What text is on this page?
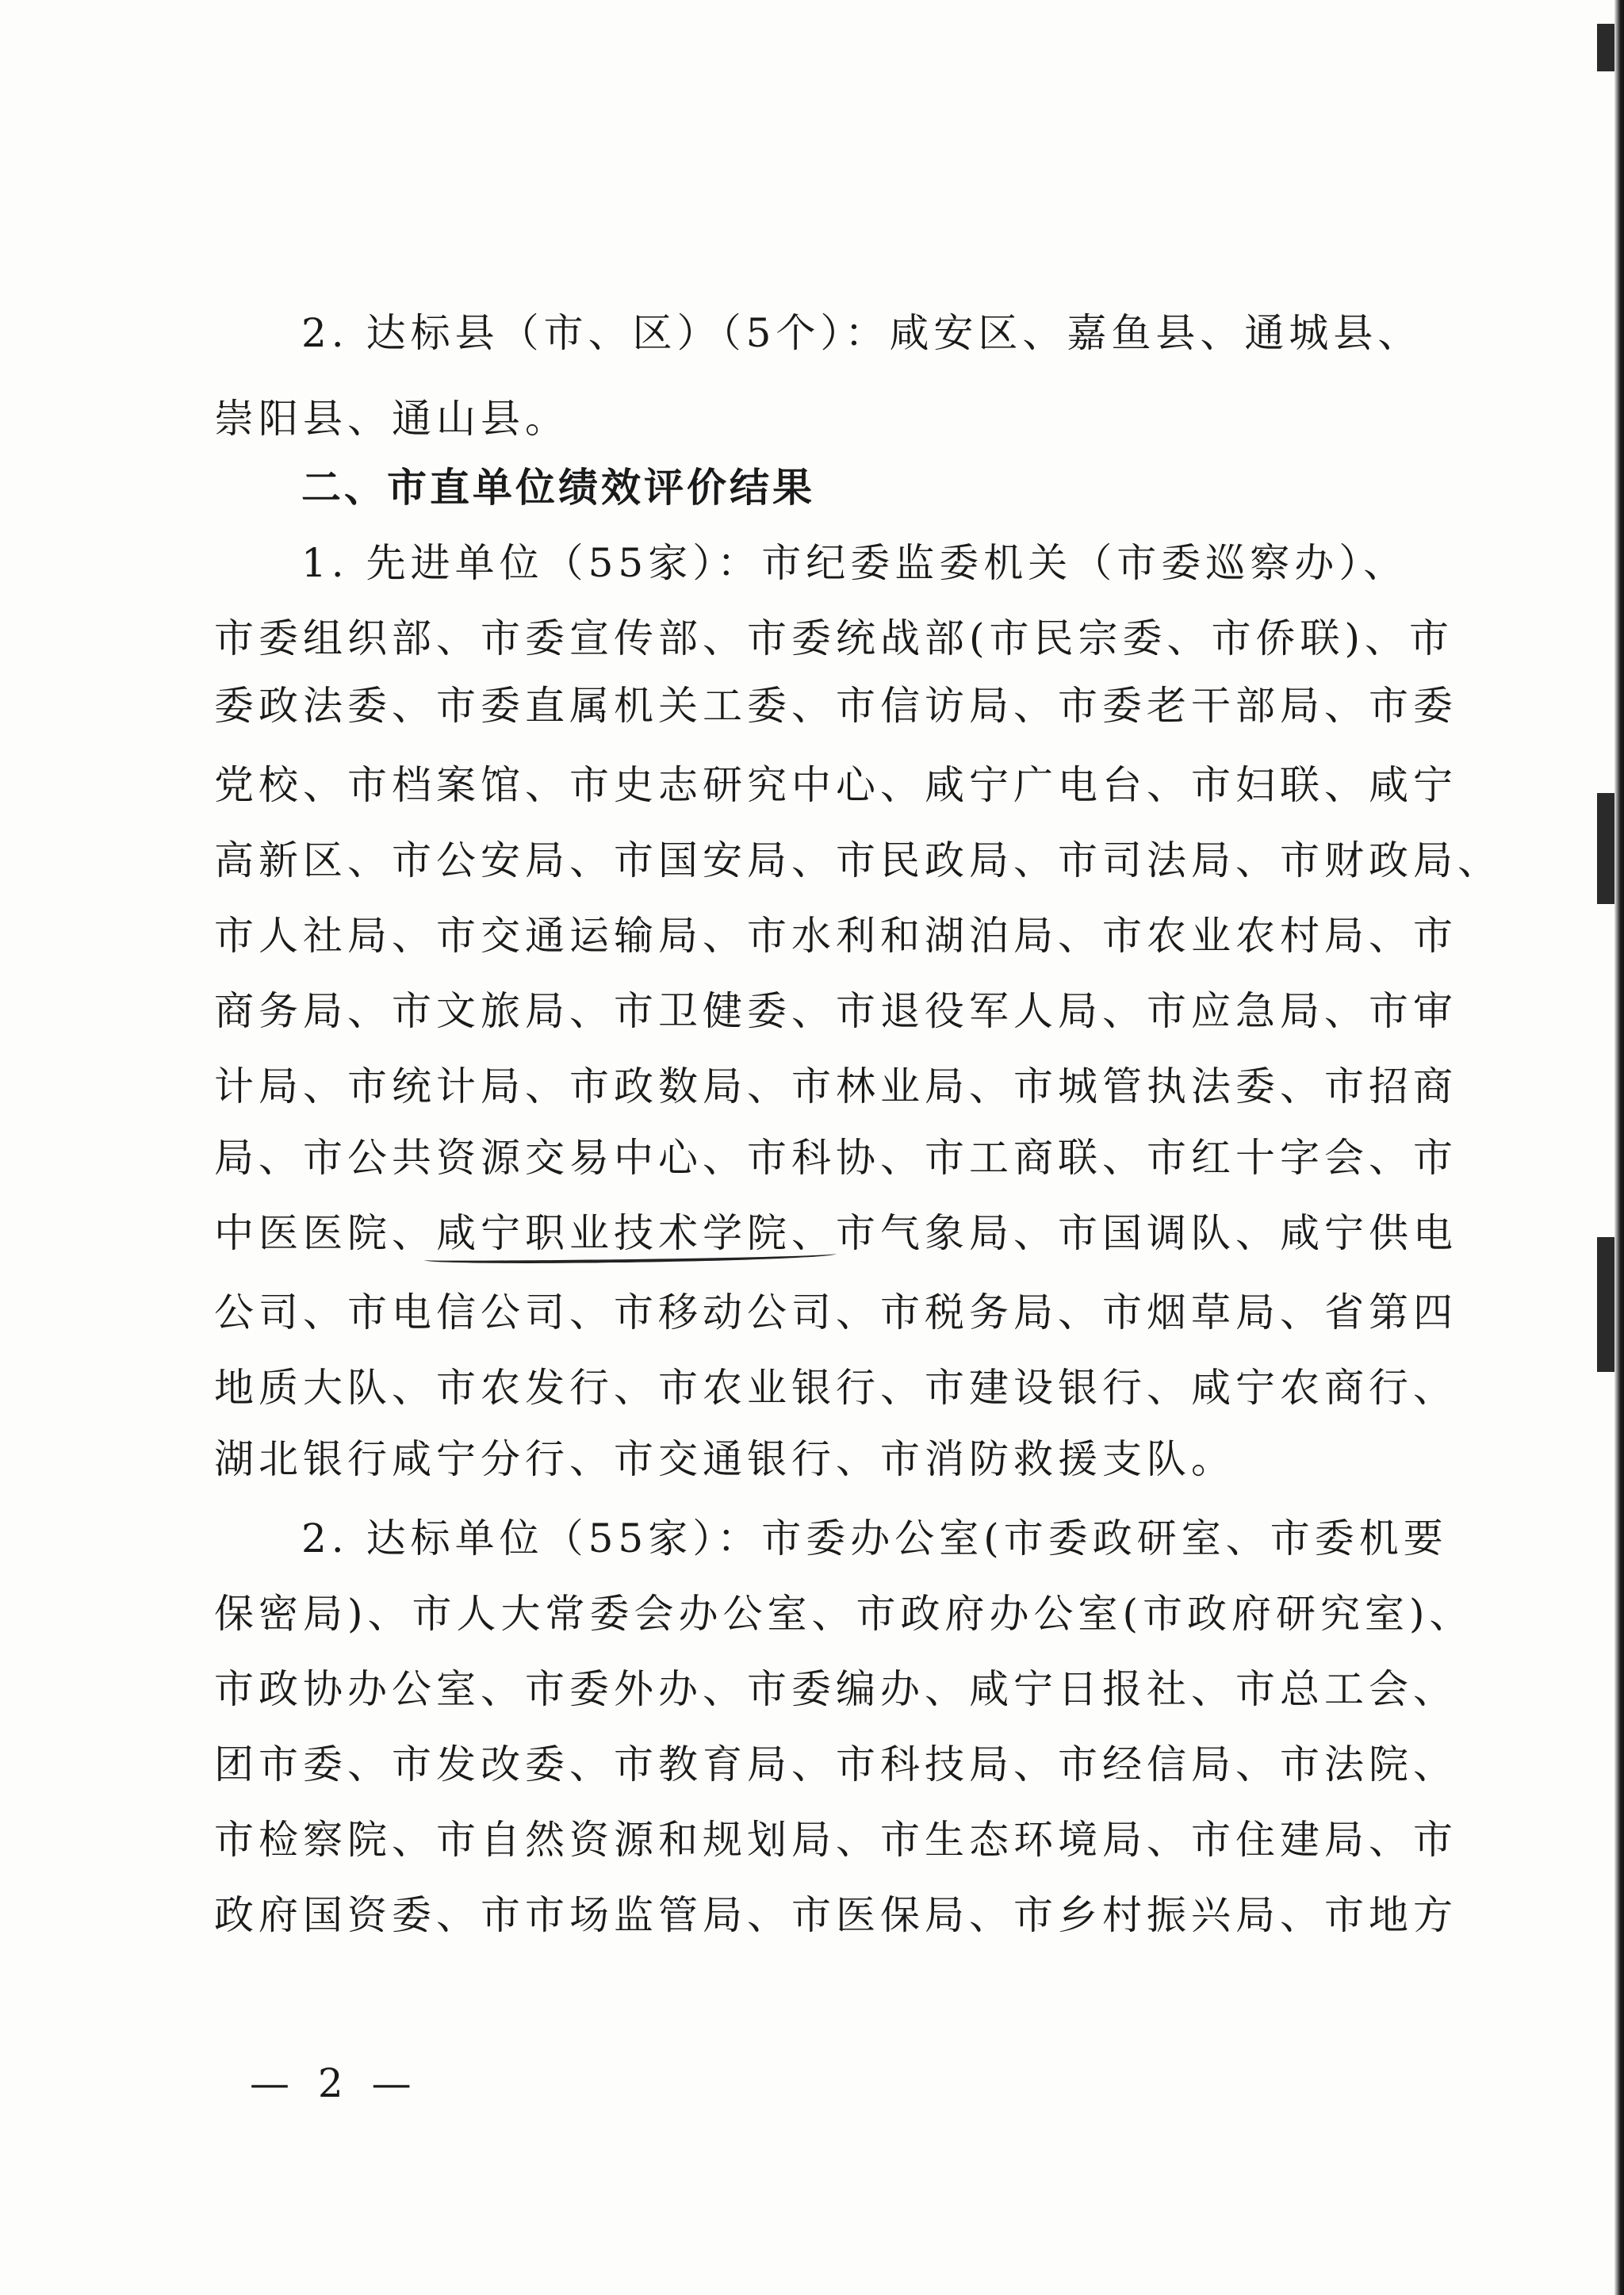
2. 达标县（市、区）（5个）：咸安区、嘉鱼县、通城县、
崇阳县、通山县。
二、市直单位绩效评价结果
1. 先进单位（55家）：市纪委监委机关（市委巡察办）、
市委组织部、市委宣传部、市委统战部(市民宗委、市侨联)、市
委政法委、市委直属机关工委、市信访局、市委老干部局、市委
党校、市档案馆、市史志研究中心、咸宁广电台、市妇联、咸宁
高新区、市公安局、市国安局、市民政局、市司法局、市财政局、
市人社局、市交通运输局、市水利和湖泊局、市农业农村局、市
商务局、市文旅局、市卫健委、市退役军人局、市应急局、市审
计局、市统计局、市政数局、市林业局、市城管执法委、市招商
局、市公共资源交易中心、市科协、市工商联、市红十字会、市
中医医院、咸宁职业技术学院、市气象局、市国调队、咸宁供电
公司、市电信公司、市移动公司、市税务局、市烟草局、省第四
地质大队、市农发行、市农业银行、市建设银行、咸宁农商行、
湖北银行咸宁分行、市交通银行、市消防救援支队。
2. 达标单位（55家）：市委办公室(市委政研室、市委机要
保密局)、市人大常委会办公室、市政府办公室(市政府研究室)、
市政协办公室、市委外办、市委编办、咸宁日报社、市总工会、
团市委、市发改委、市教育局、市科技局、市经信局、市法院、
市检察院、市自然资源和规划局、市生态环境局、市住建局、市
政府国资委、市市场监管局、市医保局、市乡村振兴局、市地方
— 2 —
